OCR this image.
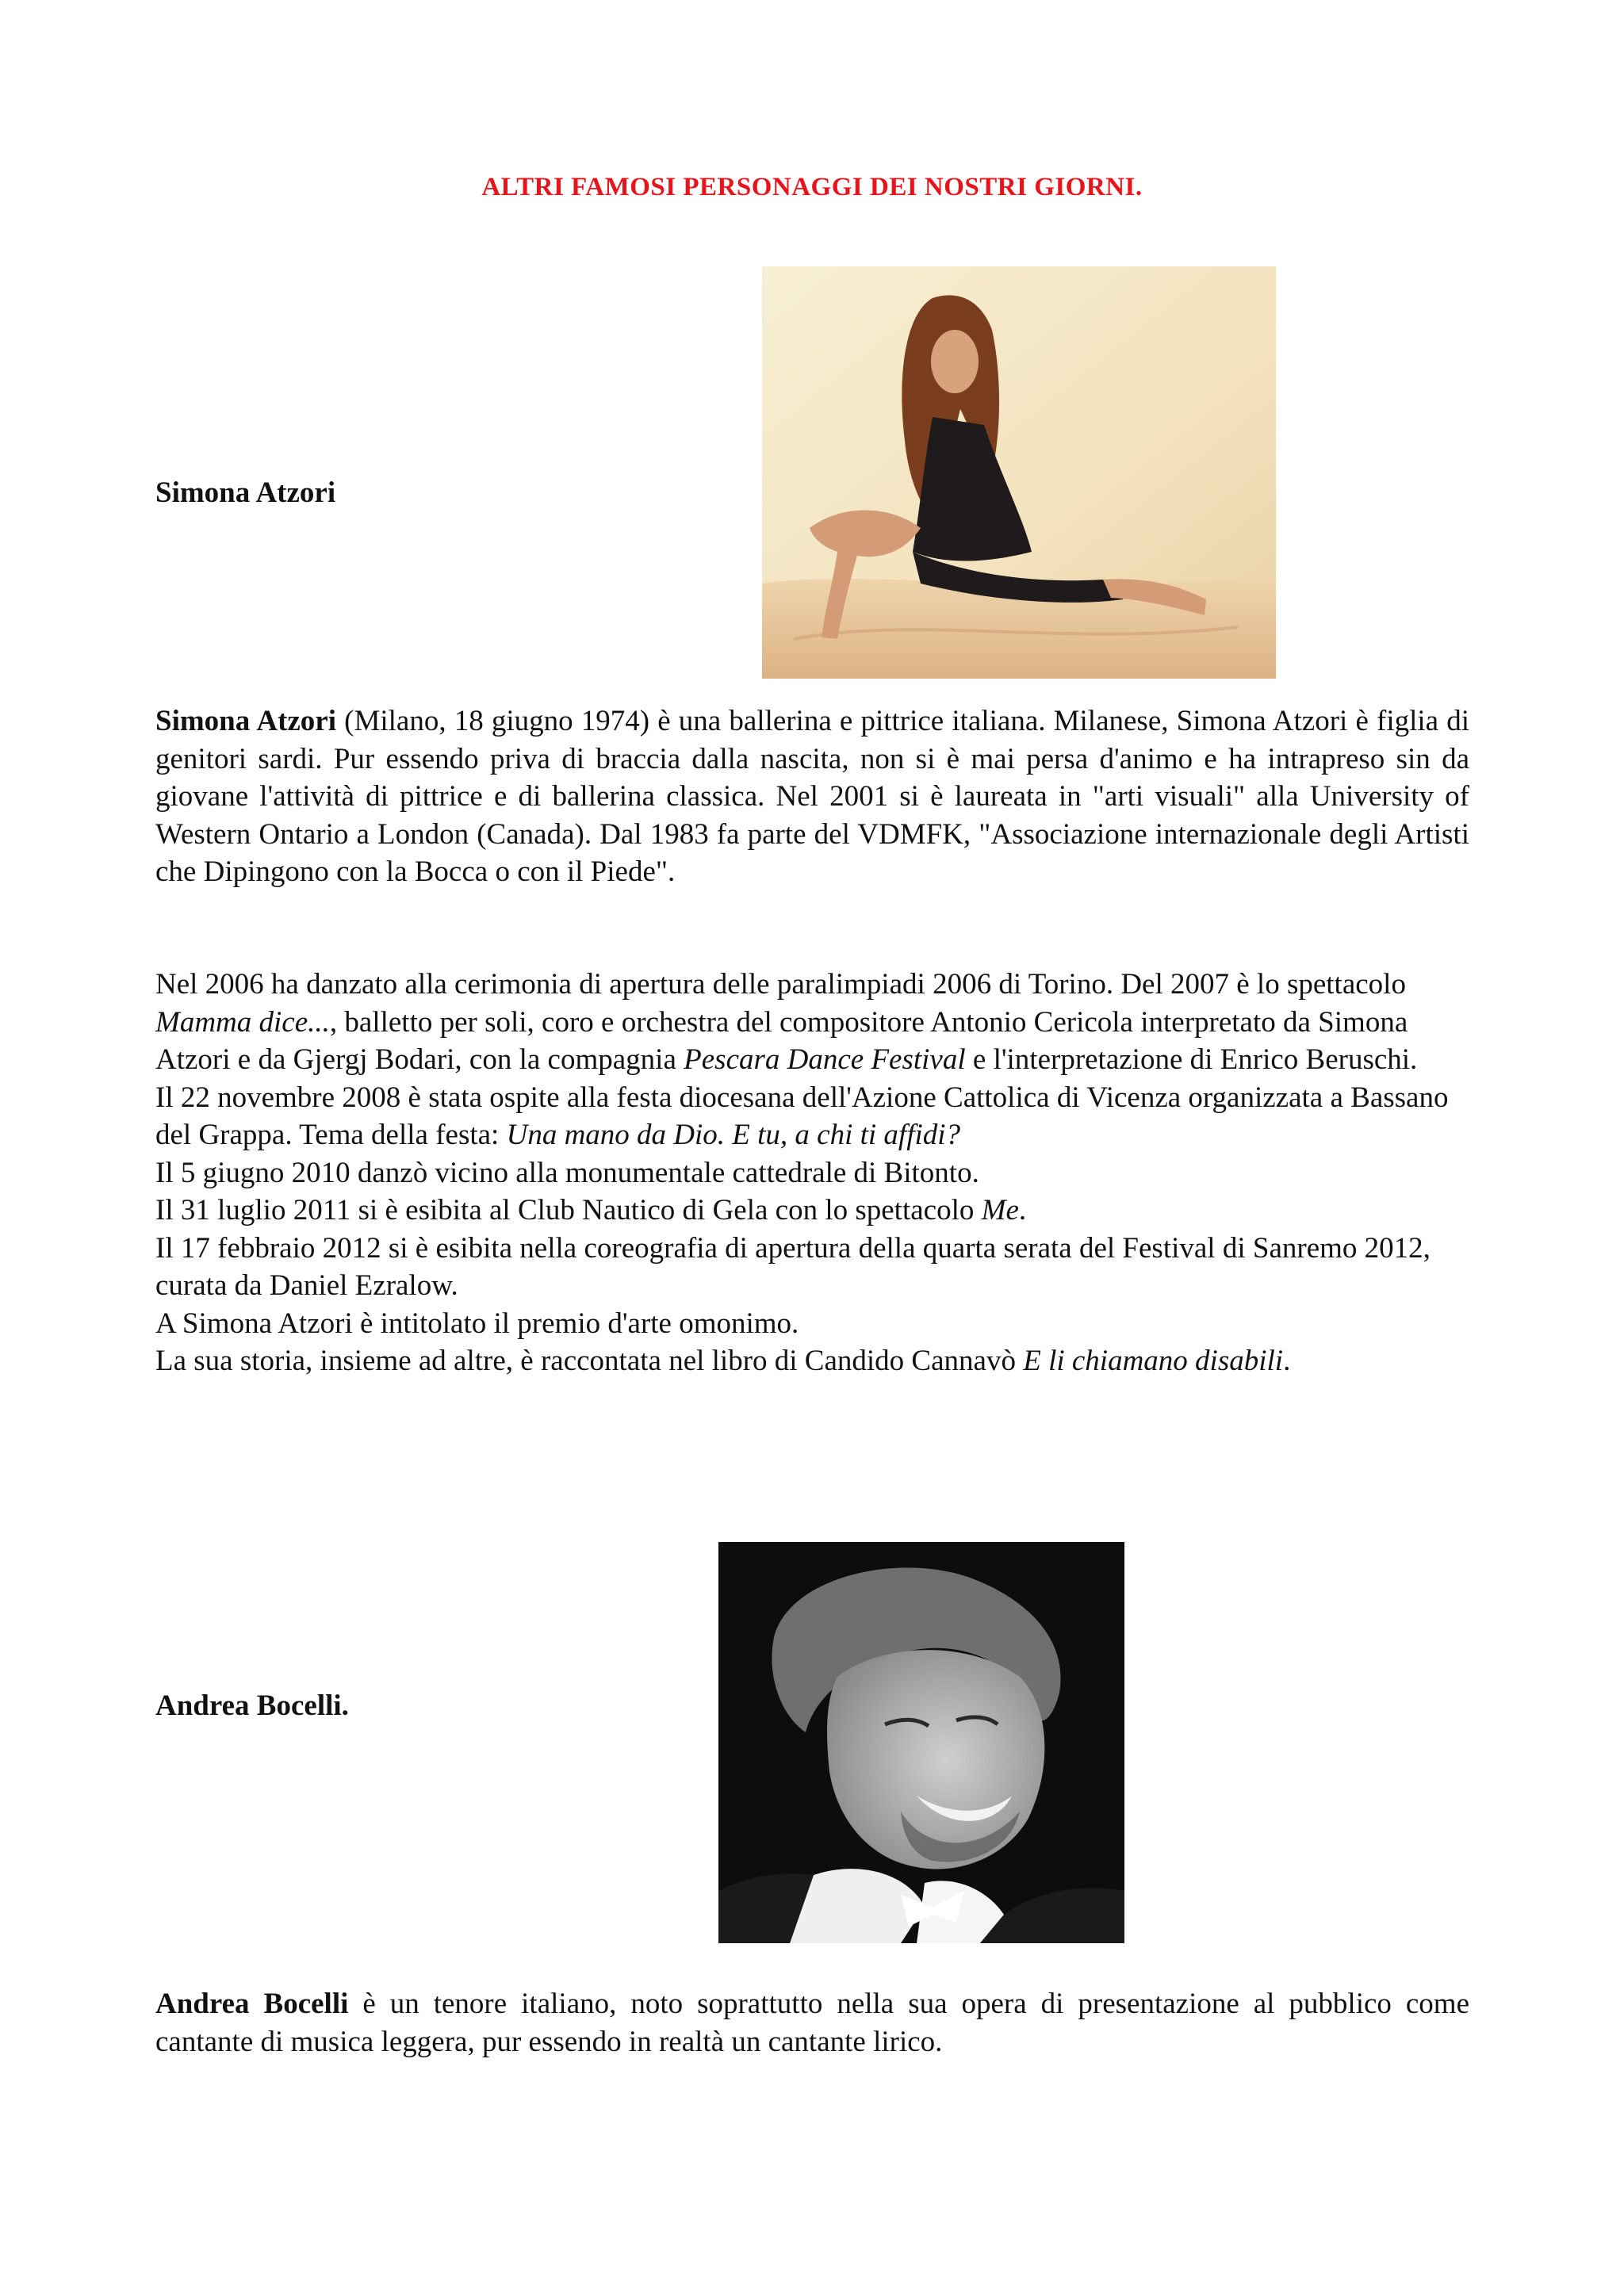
ALTRI FAMOSI PERSONAGGI DEI NOSTRI GIORNI.
Simona Atzori

Simona Atzori (Milano, 18 giugno 1974) è una ballerina e pittrice italiana. Milanese, Simona Atzori è figlia di genitori sardi. Pur essendo priva di braccia dalla nascita, non si è mai persa d'animo e ha intrapreso sin da giovane l'attività di pittrice e di ballerina classica. Nel 2001 si è laureata in "arti visuali" alla University of Western Ontario a London (Canada). Dal 1983 fa parte del VDMFK, "Associazione internazionale degli Artisti che Dipingono con la Bocca o con il Piede".

Nel 2006 ha danzato alla cerimonia di apertura delle paralimpiadi 2006 di Torino. Del 2007 è lo spettacolo Mamma dice..., balletto per soli, coro e orchestra del compositore Antonio Cericola interpretato da Simona Atzori e da Gjergj Bodari, con la compagnia Pescara Dance Festival e l'interpretazione di Enrico Beruschi.

Il 22 novembre 2008 è stata ospite alla festa diocesana dell'Azione Cattolica di Vicenza organizzata a Bassano del Grappa. Tema della festa: Una mano da Dio. E tu, a chi ti affidi?

Il 5 giugno 2010 danzò vicino alla monumentale cattedrale di Bitonto.

Il 31 luglio 2011 si è esibita al Club Nautico di Gela con lo spettacolo Me.

Il 17 febbraio 2012 si è esibita nella coreografia di apertura della quarta serata del Festival di Sanremo 2012, curata da Daniel Ezralow.

A Simona Atzori è intitolato il premio d'arte omonimo.

La sua storia, insieme ad altre, è raccontata nel libro di Candido Cannavò E li chiamano disabili.

Andrea Bocelli.

Andrea Bocelli è un tenore italiano, noto soprattutto nella sua opera di presentazione al pubblico come cantante di musica leggera, pur essendo in realtà un cantante lirico.
